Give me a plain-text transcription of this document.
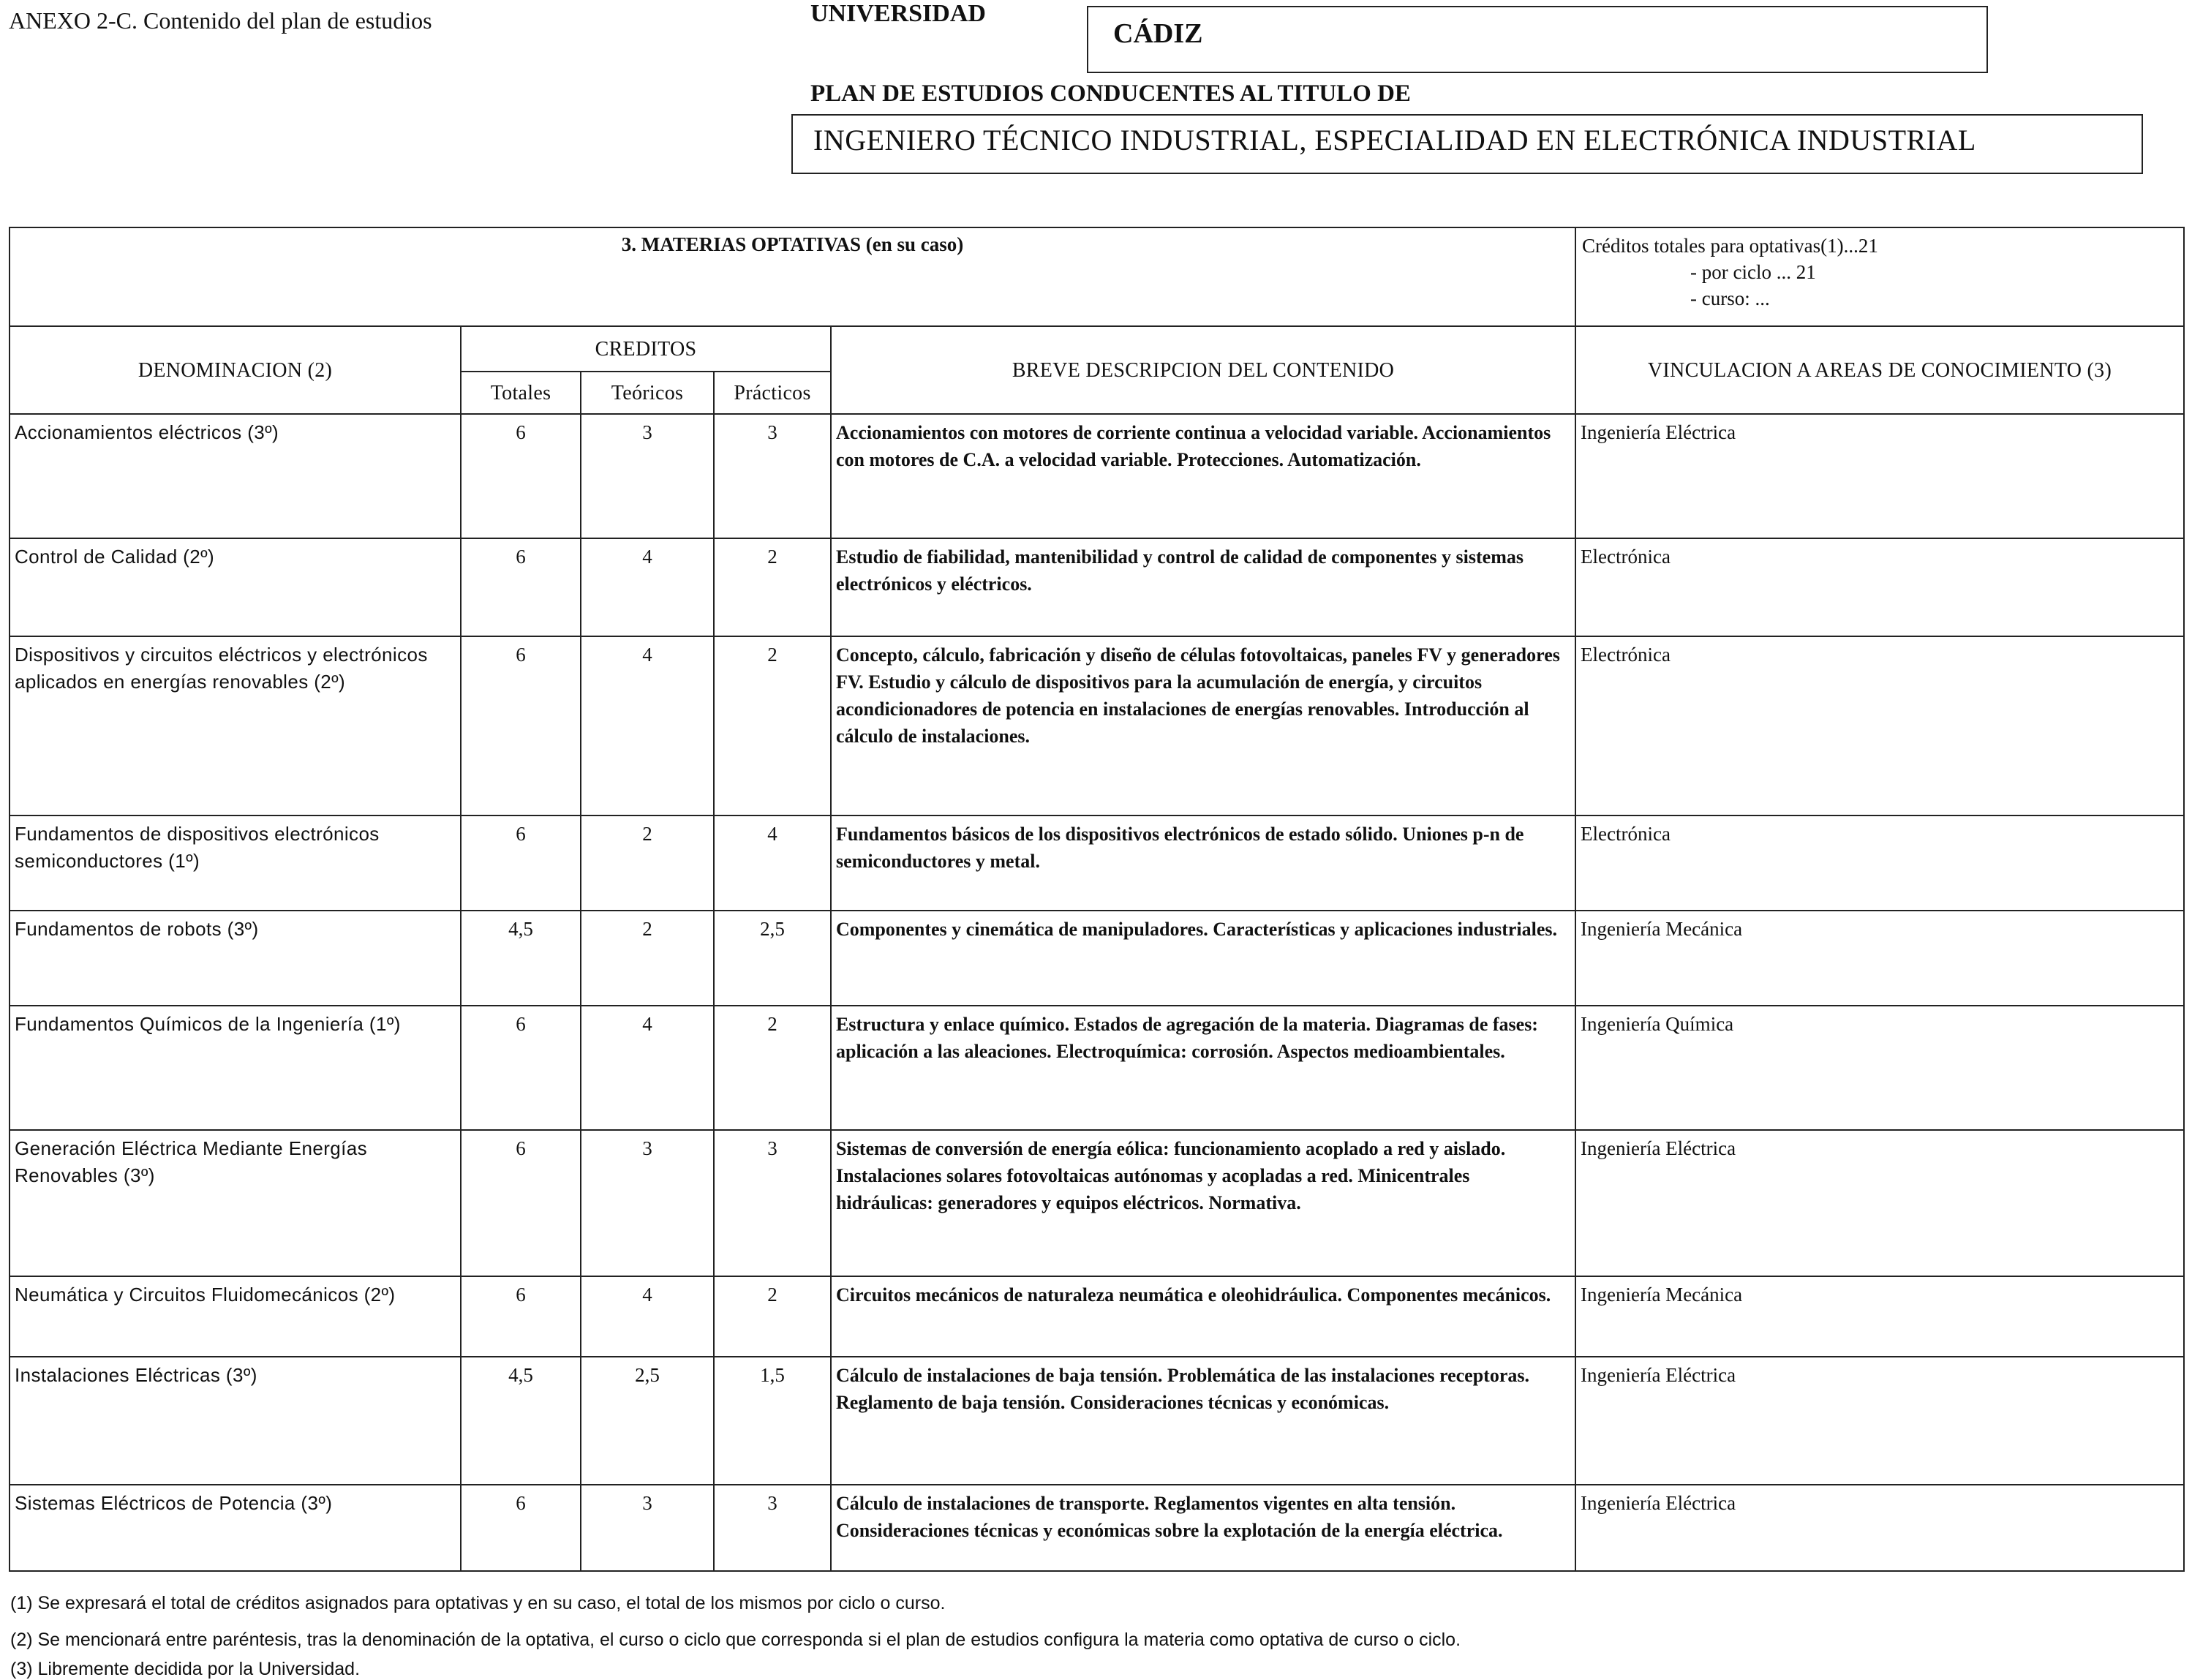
ANEXO 2-C. Contenido del plan de estudios	UNIVERSIDAD
CÁDIZ
PLAN DE ESTUDIOS CONDUCENTES AL TITULO DE
INGENIERO TÉCNICO INDUSTRIAL, ESPECIALIDAD EN ELECTRÓNICA INDUSTRIAL
3. MATERIAS OPTATIVAS (en su caso)					Créditos totales para optativas(1)...21
- por ciclo ... 21
- curso: ...

DENOMINACION (2)	CREDITOS			BREVE DESCRIPCION DEL CONTENIDO	VINCULACION A AREAS DE CONOCIMIENTO (3)
	Totales	Teóricos	Prácticos		
Accionamientos eléctricos (3º)	6	3	3	Accionamientos con motores de corriente continua a velocidad variable. Accionamientos con motores de C.A. a velocidad variable. Protecciones. Automatización.	Ingeniería Eléctrica
Control de Calidad (2º)	6	4	2	Estudio de fiabilidad, mantenibilidad y control de calidad de componentes y sistemas electrónicos y eléctricos.	Electrónica
Dispositivos y circuitos eléctricos y electrónicos aplicados en energías renovables (2º)	6	4	2	Concepto, cálculo, fabricación y diseño de células fotovoltaicas, paneles FV y generadores FV. Estudio y cálculo de dispositivos para la acumulación de energía, y circuitos acondicionadores de potencia en instalaciones de energías renovables. Introducción al cálculo de instalaciones.	Electrónica
Fundamentos de dispositivos electrónicos semiconductores (1º)	6	2	4	Fundamentos básicos de los dispositivos electrónicos de estado sólido. Uniones p-n de semiconductores y metal.	Electrónica
Fundamentos de robots (3º)	4,5	2	2,5	Componentes y cinemática de manipuladores. Características y aplicaciones industriales.	Ingeniería Mecánica
Fundamentos Químicos de la Ingeniería (1º)	6	4	2	Estructura y enlace químico. Estados de agregación de la materia. Diagramas de fases: aplicación a las aleaciones. Electroquímica: corrosión. Aspectos medioambientales.	Ingeniería Química
Generación Eléctrica Mediante Energías Renovables (3º)	6	3	3	Sistemas de conversión de energía eólica: funcionamiento acoplado a red y aislado. Instalaciones solares fotovoltaicas autónomas y acopladas a red. Minicentrales hidráulicas: generadores y equipos eléctricos. Normativa.	Ingeniería Eléctrica
Neumática y Circuitos Fluidomecánicos (2º)	6	4	2	Circuitos mecánicos de naturaleza neumática e oleohidráulica. Componentes mecánicos.	Ingeniería Mecánica
Instalaciones Eléctricas (3º)	4,5	2,5	1,5	Cálculo de instalaciones de baja tensión. Problemática de las instalaciones receptoras. Reglamento de baja tensión. Consideraciones técnicas y económicas.	Ingeniería Eléctrica
Sistemas Eléctricos de Potencia (3º)	6	3	3	Cálculo de instalaciones de transporte. Reglamentos vigentes en alta tensión. Consideraciones técnicas y económicas sobre la explotación de la energía eléctrica.	Ingeniería Eléctrica
(1) Se expresará el total de créditos asignados para optativas y en su caso, el total de los mismos por ciclo o curso.
(2) Se mencionará entre paréntesis, tras la denominación de la optativa, el curso o ciclo que corresponda si el plan de estudios configura la materia como optativa de curso o ciclo.
(3) Libremente decidida por la Universidad.
